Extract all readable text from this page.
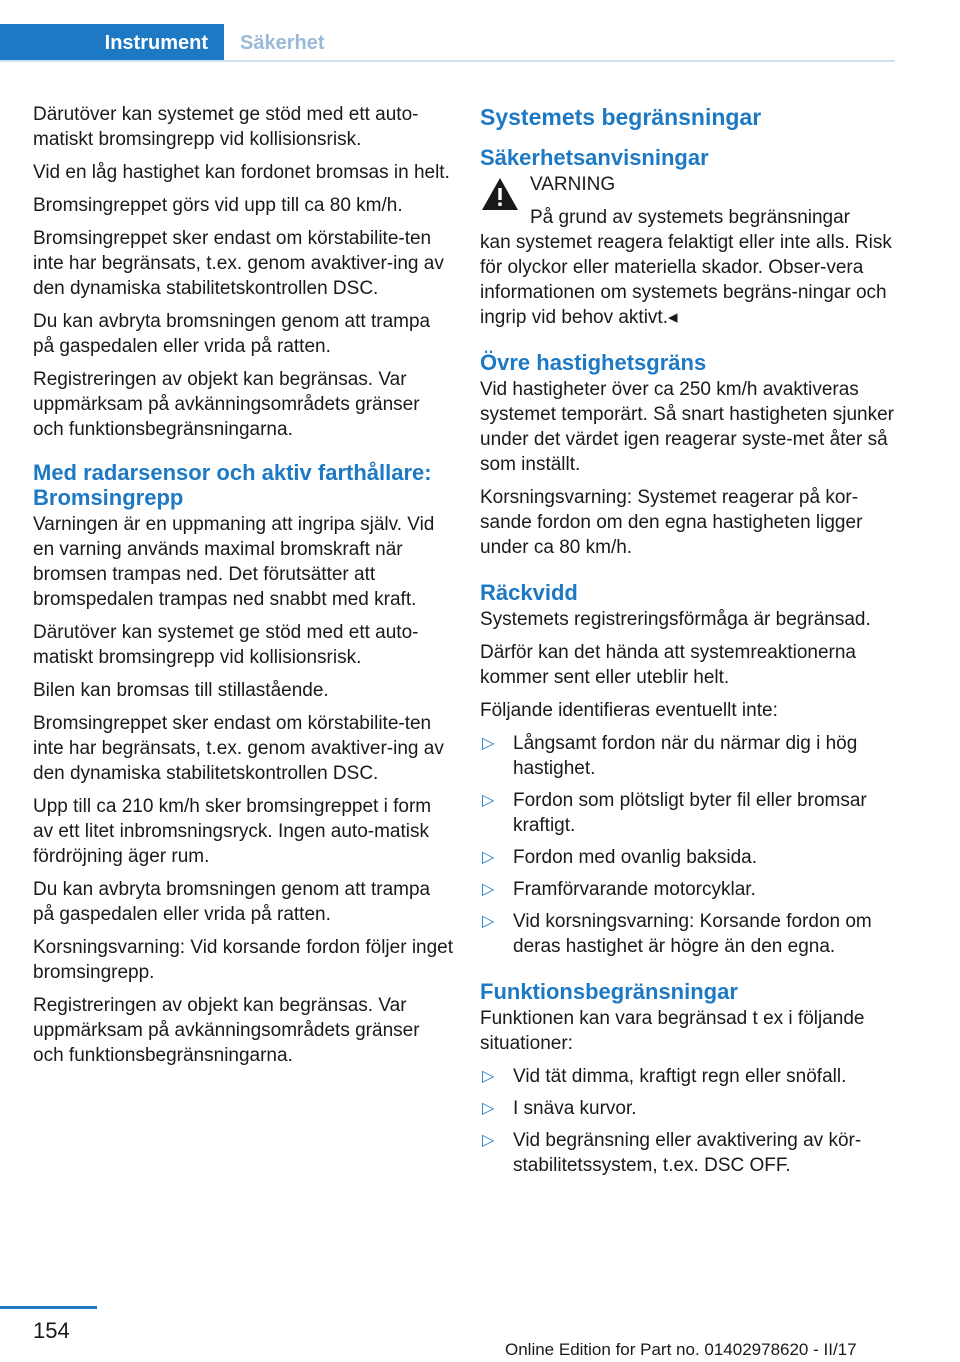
Instrument	Säkerhet

Därutöver kan systemet ge stöd med ett auto-matiskt bromsingrepp vid kollisionsrisk.

Vid en låg hastighet kan fordonet bromsas in helt.

Bromsingreppet görs vid upp till ca 80 km/h.

Bromsingreppet sker endast om körstabilite-ten inte har begränsats, t.ex. genom avaktiver-ing av den dynamiska stabilitetskontrollen DSC.

Du kan avbryta bromsningen genom att trampa på gaspedalen eller vrida på ratten.

Registreringen av objekt kan begränsas. Var uppmärksam på avkänningsområdets gränser och funktionsbegränsningarna.

Med radarsensor och aktiv farthållare: Bromsingrepp

Varningen är en uppmaning att ingripa själv. Vid en varning används maximal bromskraft när bromsen trampas ned. Det förutsätter att bromspedalen trampas ned snabbt med kraft.

Därutöver kan systemet ge stöd med ett auto-matiskt bromsingrepp vid kollisionsrisk.

Bilen kan bromsas till stillastående.

Bromsingreppet sker endast om körstabilite-ten inte har begränsats, t.ex. genom avaktiver-ing av den dynamiska stabilitetskontrollen DSC.

Upp till ca 210 km/h sker bromsingreppet i form av ett litet inbromsningsryck. Ingen auto-matisk fördröjning äger rum.

Du kan avbryta bromsningen genom att trampa på gaspedalen eller vrida på ratten.

Korsningsvarning: Vid korsande fordon följer inget bromsingrepp.

Registreringen av objekt kan begränsas. Var uppmärksam på avkänningsområdets gränser och funktionsbegränsningarna.

Systemets begränsningar
Säkerhetsanvisningar
VARNING
På grund av systemets begränsningar
kan systemet reagera felaktigt eller inte alls. Risk för olyckor eller materiella skador. Obser-vera informationen om systemets begräns-ningar och ingrip vid behov aktivt.◂
Övre hastighetsgräns

Vid hastigheter över ca 250 km/h avaktiveras systemet temporärt. Så snart hastigheten sjunker under det värdet igen reagerar syste-met åter så som inställt.

Korsningsvarning: Systemet reagerar på kor-sande fordon om den egna hastigheten ligger under ca 80 km/h.

Räckvidd

Systemets registreringsförmåga är begränsad.

Därför kan det hända att systemreaktionerna kommer sent eller uteblir helt.

Följande identifieras eventuellt inte:

▷ Långsamt fordon när du närmar dig i hög hastighet.
▷ Fordon som plötsligt byter fil eller bromsar kraftigt.
▷ Fordon med ovanlig baksida.
▷ Framförvarande motorcyklar.
▷ Vid korsningsvarning: Korsande fordon om deras hastighet är högre än den egna.
Funktionsbegränsningar

Funktionen kan vara begränsad t ex i följande situationer:

▷ Vid tät dimma, kraftigt regn eller snöfall.
▷ I snäva kurvor.
▷ Vid begränsning eller avaktivering av kör-stabilitetssystem, t.ex. DSC OFF.
154
Online Edition for Part no. 01402978620 - II/17
